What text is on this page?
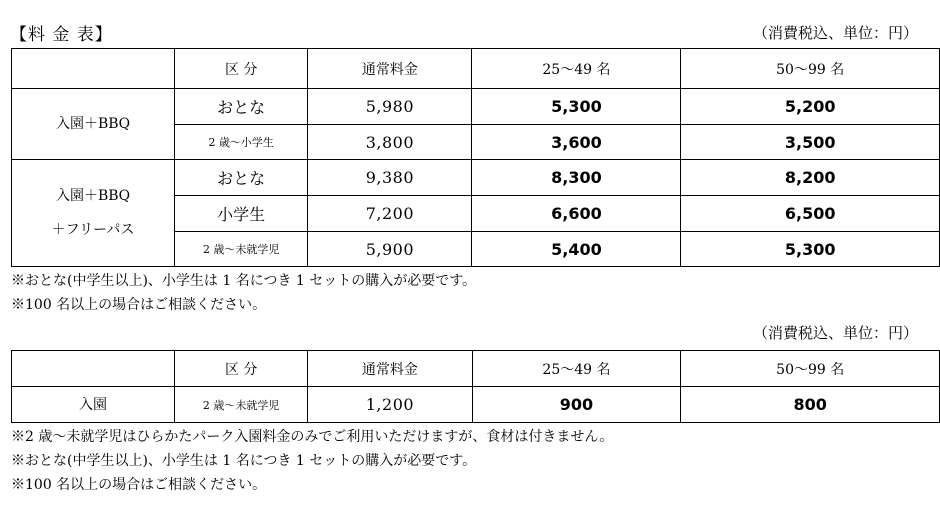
【料 金 表】	（消費税込、単位：円）
	区 分	通常料金	25～49 名	50～99 名
入園＋BBQ	おとな	5,980	5,300	5,200
	2 歳～小学生	3,800	3,600	3,500

入園＋BBQ
＋フリーパス	おとな	9,380	8,300	8,200
	小学生	7,200	6,600	6,500
	2 歳～未就学児	5,900	5,400	5,300
※おとな(中学生以上)、小学生は 1 名につき 1 セットの購入が必要です。
※100 名以上の場合はご相談ください。
（消費税込、単位：円）
	区 分	通常料金	25～49 名	50～99 名
入園	2 歳～未就学児	1,200	900	800
※2 歳～未就学児はひらかたパーク入園料金のみでご利用いただけますが、食材は付きません。
※おとな(中学生以上)、小学生は 1 名につき 1 セットの購入が必要です。
※100 名以上の場合はご相談ください。
